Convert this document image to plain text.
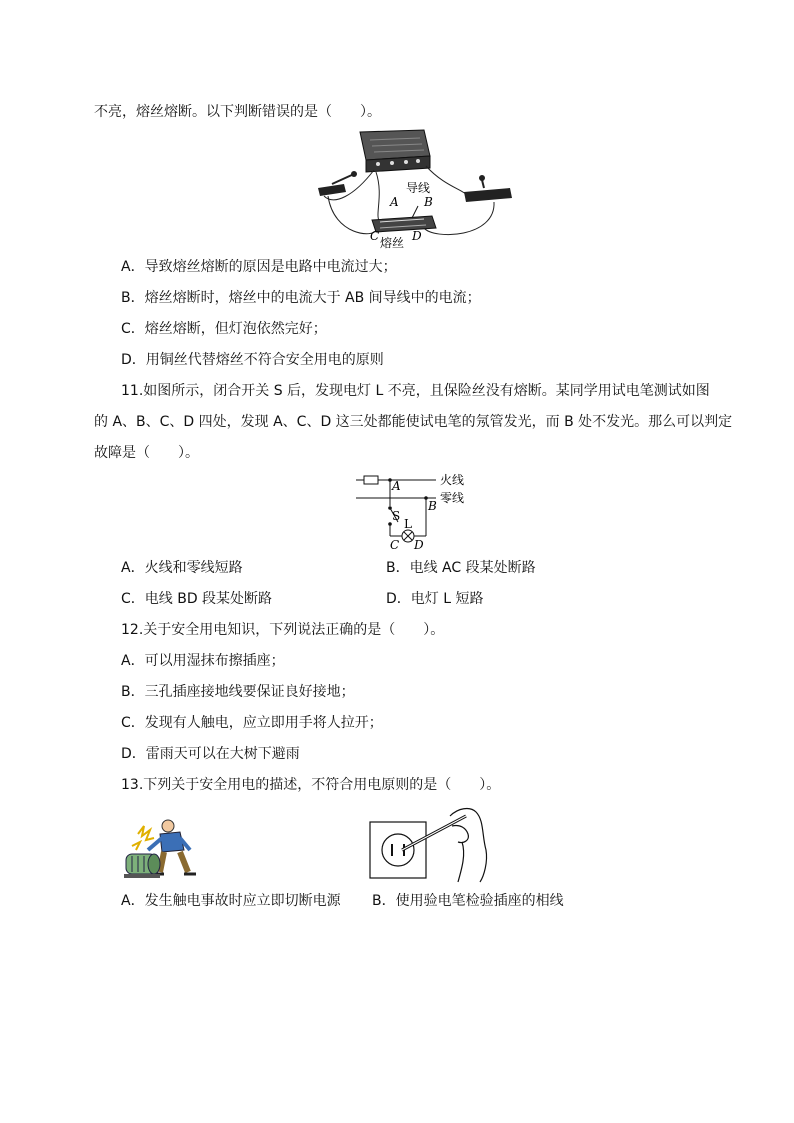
不亮，熔丝熔断。以下判断错误的是（　　）。
导线
A B
C	D
熔丝
A．导致熔丝熔断的原因是电路中电流过大；
B．熔丝熔断时，熔丝中的电流大于 AB 间导线中的电流；
C．熔丝熔断，但灯泡依然完好；
D．用铜丝代替熔丝不符合安全用电的原则
11.如图所示，闭合开关 S 后，发现电灯 L 不亮，且保险丝没有熔断。某同学用试电笔测试如图
的 A、B、C、D 四处，发现 A、C、D 这三处都能使试电笔的氖管发光，而 B 处不发光。那么可以判定
故障是（　　）。
A
B
S
L
C D
火线
零线
A．火线和零线短路	B．电线 AC 段某处断路
C．电线 BD 段某处断路	D．电灯 L 短路
12.关于安全用电知识，下列说法正确的是（　　）。
A．可以用湿抹布擦插座；
B．三孔插座接地线要保证良好接地；
C．发现有人触电，应立即用手将人拉开；
D．雷雨天可以在大树下避雨
13.下列关于安全用电的描述，不符合用电原则的是（　　）。
A．发生触电事故时应立即切断电源 B．使用验电笔检验插座的相线
